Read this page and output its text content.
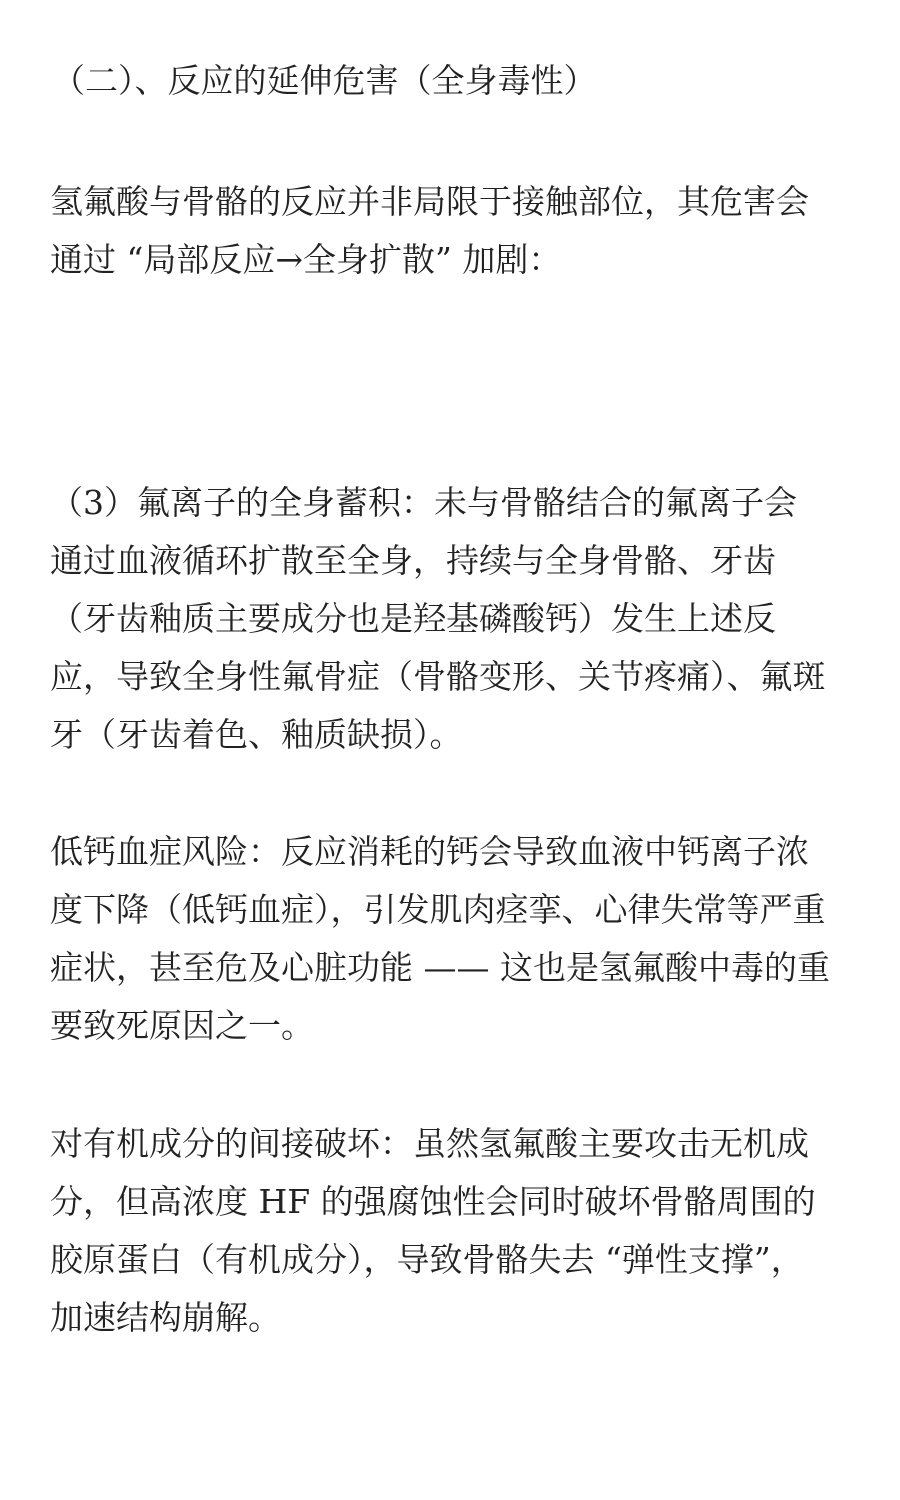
（二）、反应的延伸危害（全身毒性）

氢氟酸与骨骼的反应并非局限于接触部位，其危害会
通过 “局部反应→全身扩散” 加剧：

（3）氟离子的全身蓄积：未与骨骼结合的氟离子会
通过血液循环扩散至全身，持续与全身骨骼、牙齿
（牙齿釉质主要成分也是羟基磷酸钙）发生上述反
应，导致全身性氟骨症（骨骼变形、关节疼痛）、氟斑
牙（牙齿着色、釉质缺损）。

低钙血症风险：反应消耗的钙会导致血液中钙离子浓
度下降（低钙血症），引发肌肉痉挛、心律失常等严重
症状，甚至危及心脏功能 —— 这也是氢氟酸中毒的重
要致死原因之一。

对有机成分的间接破坏：虽然氢氟酸主要攻击无机成
分，但高浓度 HF 的强腐蚀性会同时破坏骨骼周围的
胶原蛋白（有机成分），导致骨骼失去 “弹性支撑”，
加速结构崩解。
